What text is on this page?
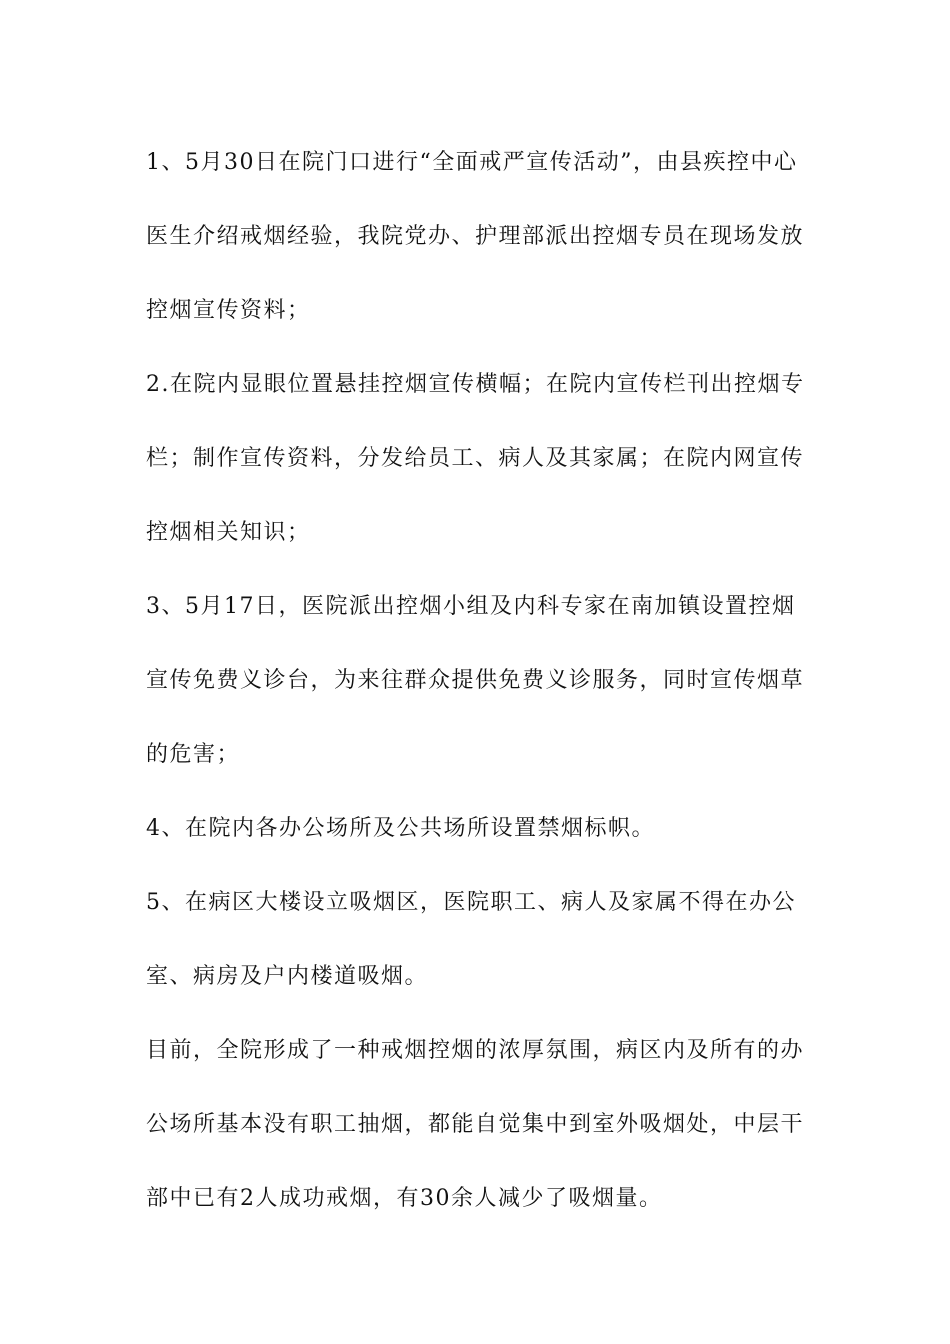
1、5月30日在院门口进行“全面戒严宣传活动”，由县疾控中心医生介绍戒烟经验，我院党办、护理部派出控烟专员在现场发放控烟宣传资料；

2.在院内显眼位置悬挂控烟宣传横幅；在院内宣传栏刊出控烟专栏；制作宣传资料，分发给员工、病人及其家属；在院内网宣传控烟相关知识；

3、5月17日，医院派出控烟小组及内科专家在南加镇设置控烟宣传免费义诊台，为来往群众提供免费义诊服务，同时宣传烟草的危害；

4、在院内各办公场所及公共场所设置禁烟标帜。

5、在病区大楼设立吸烟区，医院职工、病人及家属不得在办公室、病房及户内楼道吸烟。

目前，全院形成了一种戒烟控烟的浓厚氛围，病区内及所有的办公场所基本没有职工抽烟，都能自觉集中到室外吸烟处，中层干部中已有2人成功戒烟，有30余人减少了吸烟量。
